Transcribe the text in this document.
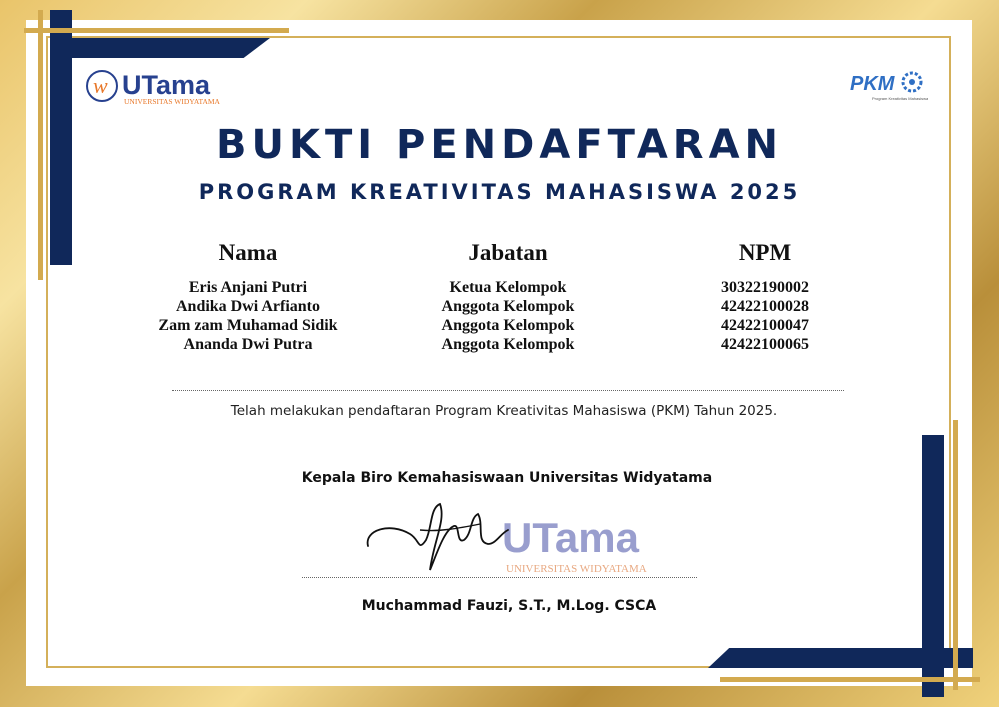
w UTama
UNIVERSITAS WIDYATAMA
PKM
Program Kreativitas Mahasiswa
BUKTI PENDAFTARAN
PROGRAM KREATIVITAS MAHASISWA 2025
Nama
Eris Anjani Putri
Andika Dwi Arfianto
Zam zam Muhamad Sidik
Ananda Dwi Putra
Jabatan
Ketua Kelompok
Anggota Kelompok
Anggota Kelompok
Anggota Kelompok
NPM
30322190002
42422100028
42422100047
42422100065
Telah melakukan pendaftaran Program Kreativitas Mahasiswa (PKM) Tahun 2025.
Kepala Biro Kemahasiswaan Universitas Widyatama
UTama
UNIVERSITAS WIDYATAMA
Muchammad Fauzi, S.T., M.Log. CSCA
